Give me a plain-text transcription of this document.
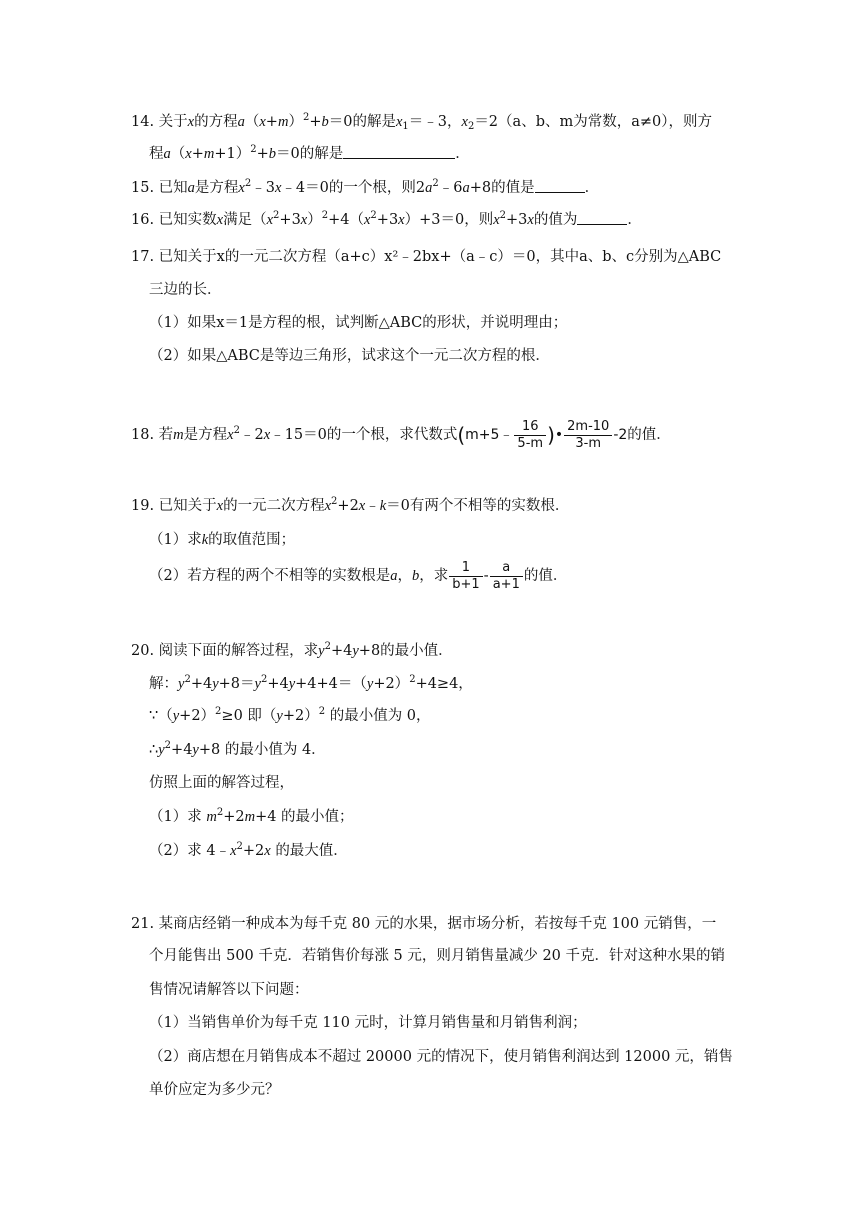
14. 关于x的方程$a(x+m)^2+b=0$的解是$x_1=﹣3$，$x_2=2(a$、b、m为常数，a≠0），则方
程$a(x+m+1)^2+b=0$的解是	．
15. 已知a是方程$x^2﹣3x﹣4=0$的一个根，则$2a^2﹣6a+8$的值是	．
16. 已知实数x满足$(x^2+3x)^2+4(x^2+3x)+3=0$，则$x^2+3x$的值为	．
17. 已知关于x的一元二次方程（a+c）x²﹣2bx+（a﹣c）＝0，其中a、b、c分别为△ABC
三边的长．
（1）如果x＝1是方程的根，试判断△ABC的形状，并说明理由；
（2）如果△ABC是等边三角形，试求这个一元二次方程的根．
18. 若m是方程$x^2﹣2x﹣15=0$的一个根，求代数式(m+5﹣ $\frac{16}{5-m}$ )• $\frac{2m-10}{3-m} -2$的值．
19. 已知关于x的一元二次方程$x^2+2x﹣k=0$有两个不相等的实数根．
（1）求k的取值范围；
（2）若方程的两个不相等的实数根是a，b，求 $\frac{1}{b+1} - \frac{a}{a+1}$ 的值．
20. 阅读下面的解答过程，求$y^2+4y+8$的最小值．
解：$y^2+4y+8=y^2+4y+4+4=(y+2)^2+4\ge 4$，
$\because(y+2)^2\ge 0$ 即$(y+2)^2$ 的最小值为 0，
$\therefore y^2+4y+8$ 的最小值为 4．
仿照上面的解答过程，
（1）求 $m^2+2m+4$ 的最小值；
（2）求 $4﹣x^2+2x$ 的最大值．
21. 某商店经销一种成本为每千克 80 元的水果，据市场分析，若按每千克 100 元销售，一
个月能售出 500 千克．若销售价每涨 5 元，则月销售量减少 20 千克．针对这种水果的销
售情况请解答以下问题：
（1）当销售单价为每千克 110 元时，计算月销售量和月销售利润；
（2）商店想在月销售成本不超过 20000 元的情况下，使月销售利润达到 12000 元，销售
单价应定为多少元？
